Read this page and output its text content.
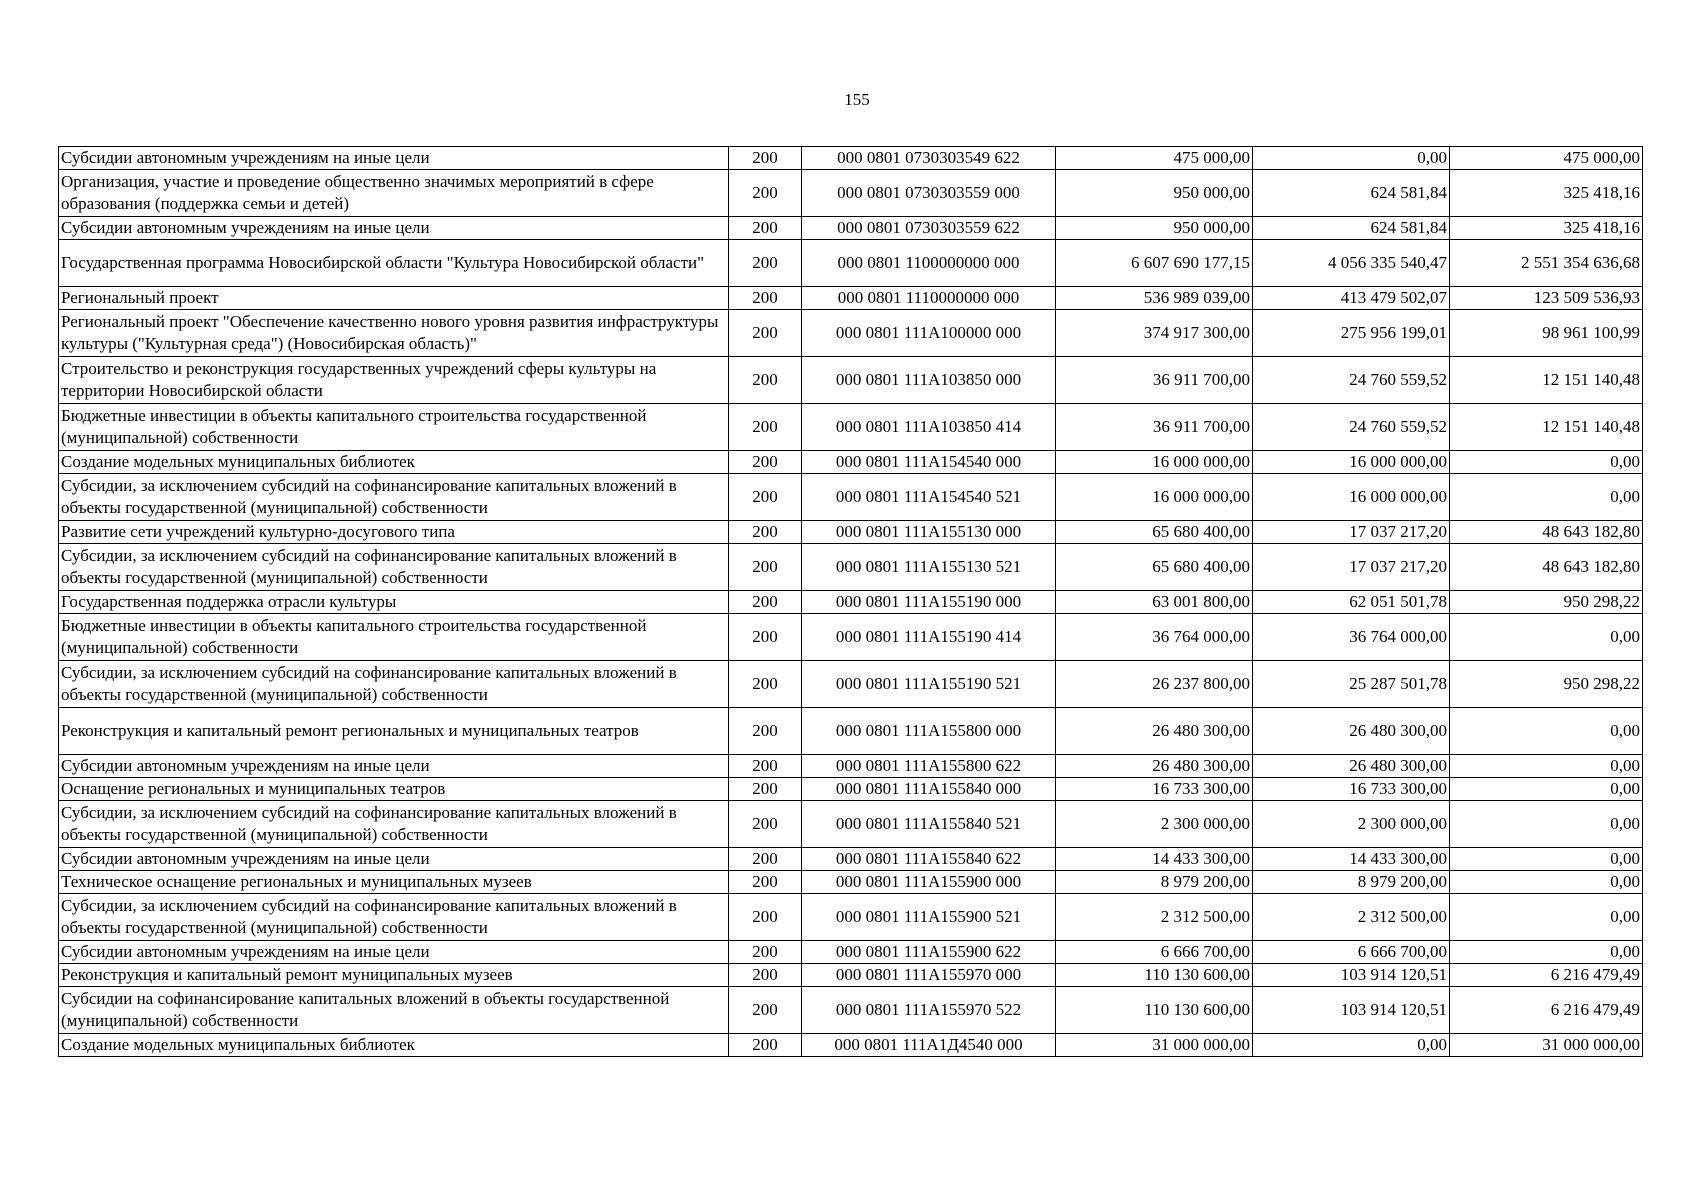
155
Субсидии автономным учреждениям на иные цели	200	000 0801 0730303549 622	475 000,00	0,00	475 000,00
Организация, участие и проведение общественно значимых мероприятий в сфере образования (поддержка семьи и детей)	200	000 0801 0730303559 000	950 000,00	624 581,84	325 418,16
Субсидии автономным учреждениям на иные цели	200	000 0801 0730303559 622	950 000,00	624 581,84	325 418,16
Государственная программа Новосибирской области "Культура Новосибирской области"	200	000 0801 1100000000 000	6 607 690 177,15	4 056 335 540,47	2 551 354 636,68
Региональный проект	200	000 0801 1110000000 000	536 989 039,00	413 479 502,07	123 509 536,93
Региональный проект "Обеспечение качественно нового уровня развития инфраструктуры культуры ("Культурная среда") (Новосибирская область)"	200	000 0801 111A100000 000	374 917 300,00	275 956 199,01	98 961 100,99
Строительство и реконструкция государственных учреждений сферы культуры на территории Новосибирской области	200	000 0801 111A103850 000	36 911 700,00	24 760 559,52	12 151 140,48
Бюджетные инвестиции в объекты капитального строительства государственной (муниципальной) собственности	200	000 0801 111A103850 414	36 911 700,00	24 760 559,52	12 151 140,48
Создание модельных муниципальных библиотек	200	000 0801 111A154540 000	16 000 000,00	16 000 000,00	0,00
Субсидии, за исключением субсидий на софинансирование капитальных вложений в объекты государственной (муниципальной) собственности	200	000 0801 111A154540 521	16 000 000,00	16 000 000,00	0,00
Развитие сети учреждений культурно-досугового типа	200	000 0801 111A155130 000	65 680 400,00	17 037 217,20	48 643 182,80
Субсидии, за исключением субсидий на софинансирование капитальных вложений в объекты государственной (муниципальной) собственности	200	000 0801 111A155130 521	65 680 400,00	17 037 217,20	48 643 182,80
Государственная поддержка отрасли культуры	200	000 0801 111A155190 000	63 001 800,00	62 051 501,78	950 298,22
Бюджетные инвестиции в объекты капитального строительства государственной (муниципальной) собственности	200	000 0801 111A155190 414	36 764 000,00	36 764 000,00	0,00
Субсидии, за исключением субсидий на софинансирование капитальных вложений в объекты государственной (муниципальной) собственности	200	000 0801 111A155190 521	26 237 800,00	25 287 501,78	950 298,22
Реконструкция и капитальный ремонт региональных и муниципальных театров	200	000 0801 111A155800 000	26 480 300,00	26 480 300,00	0,00
Субсидии автономным учреждениям на иные цели	200	000 0801 111A155800 622	26 480 300,00	26 480 300,00	0,00
Оснащение региональных и муниципальных театров	200	000 0801 111A155840 000	16 733 300,00	16 733 300,00	0,00
Субсидии, за исключением субсидий на софинансирование капитальных вложений в объекты государственной (муниципальной) собственности	200	000 0801 111A155840 521	2 300 000,00	2 300 000,00	0,00
Субсидии автономным учреждениям на иные цели	200	000 0801 111A155840 622	14 433 300,00	14 433 300,00	0,00
Техническое оснащение региональных и муниципальных музеев	200	000 0801 111A155900 000	8 979 200,00	8 979 200,00	0,00
Субсидии, за исключением субсидий на софинансирование капитальных вложений в объекты государственной (муниципальной) собственности	200	000 0801 111A155900 521	2 312 500,00	2 312 500,00	0,00
Субсидии автономным учреждениям на иные цели	200	000 0801 111A155900 622	6 666 700,00	6 666 700,00	0,00
Реконструкция и капитальный ремонт муниципальных музеев	200	000 0801 111A155970 000	110 130 600,00	103 914 120,51	6 216 479,49
Субсидии на софинансирование капитальных вложений в объекты государственной (муниципальной) собственности	200	000 0801 111A155970 522	110 130 600,00	103 914 120,51	6 216 479,49
Создание модельных муниципальных библиотек	200	000 0801 111A1Д4540 000	31 000 000,00	0,00	31 000 000,00
